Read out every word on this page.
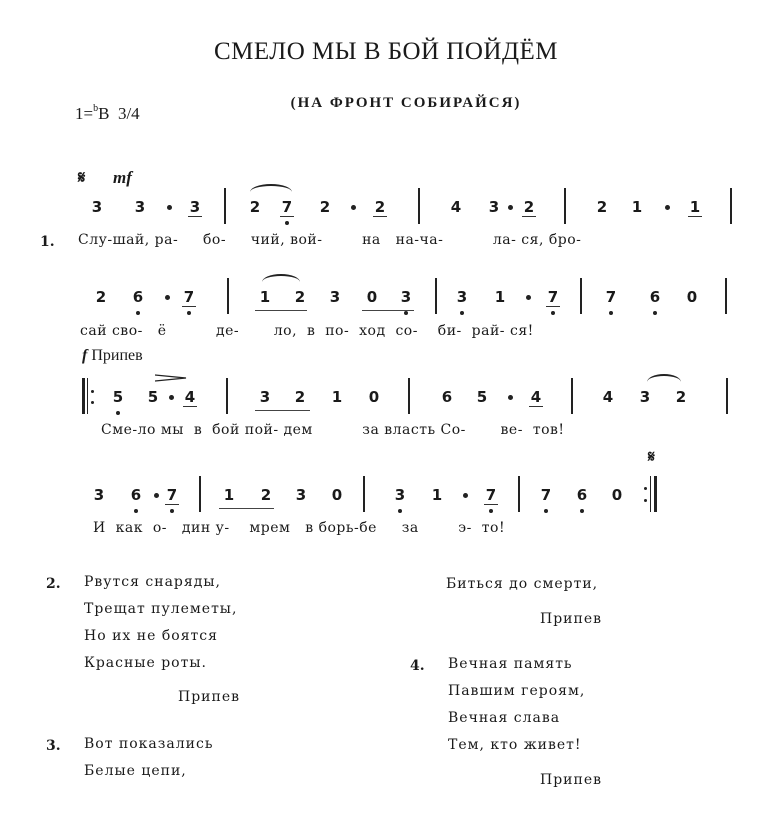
СМЕЛО МЫ В БОЙ ПОЙДЁМ
(НА ФРОНТ СОБИРАЙСЯ)
1=$^b$B 3/4
𝄋 mf
3 3	3	2 7 2	2	4 3 2	2 1	1
1. Слу-шай, ра-     бо-     чий, вой-        на   на-ча-          ла- ся, бро-
2 6	7	1 2 3 0 3	3 1	7	7 6 0
сай сво-   ё          де-       ло,  в  по-  ход  со-    би-  рай- ся!
f Припев
5 5 4	3 2 1 0	6 5	4	4 3 2
Сме-ло мы  в  бой пой- дем          за власть Со-       ве-  тов!
𝄋
3 6 7	1 2 3 0	3 1	7	7 6 0
И  как  о-   дин у-    мрем   в борь-бе     за        э-  то!
2. Рвутся снаряды,
Трещат пулеметы,
Но их не боятся
Красные роты.
Припев
3. Вот показались
Белые цепи,
Биться до смерти,
Припев
4. Вечная память
Павшим героям,
Вечная слава
Тем, кто живет!
Припев
